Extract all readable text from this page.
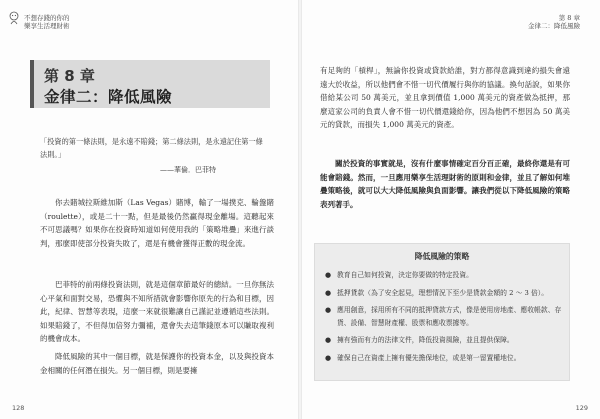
不想存錢的你的
樂享生活理財術
第 8 章
金律二：降低風險
「投資的第一條法則，是永遠不賠錢；第二條法則，是永遠記住第一條法則。」
——華倫．巴菲特

你去賭城拉斯維加斯（Las Vegas）賭博，輸了一場撲克、輪盤賭（roulette），或是二十一點，但是最後仍然贏得現金離場。這聽起來不可思議嗎？如果你在投資時知道如何使用我的「策略堆疊」來進行談判，那麼即使部分投資失敗了，還是有機會獲得正數的現金流。

巴菲特的前兩條投資法則，就是這個章節最好的總結。一旦你無法心平氣和面對交易，恐懼與不知所措就會影響你原先的行為和目標，因此，紀律、智慧等表現，這麼一來就很難讓自己謹記並遵循這些法則。如果賠錢了，不但得加倍努力彌補，還會失去這筆錢原本可以賺取複利的機會成本。

降低風險的其中一個目標，就是保護你的投資本金，以及與投資本金相關的任何潛在損失。另一個目標，則是要擁

128
第 8 章
金律二：降低風險

有足夠的「槓桿」，無論你投資或貸款給誰，對方都得意識到違約損失會遠遠大於收益，所以他們會不惜一切代價履行與你的協議。換句話說，如果你借給某公司 50 萬美元，並且拿到價值 1,000 萬美元的資產做為抵押，那麼這家公司的負責人會不惜一切代價還錢給你，因為他們不想因為 50 萬美元的貸款，而損失 1,000 萬美元的資產。

關於投資的事實就是，沒有什麼事情確定百分百正確，最終你還是有可能會賠錢。然而，一旦應用樂享生活理財術的原則和金律，並且了解如何堆疊策略後，就可以大大降低風險與負面影響。讓我們從以下降低風險的策略表列著手。

降低風險的策略
● 教育自己如何投資，決定你要做的特定投資。
● 抵押貸款（為了安全起見，理想情況下至少是貸款金額的 2 ～ 3 倍）。
● 應用創意，採用所有不同的抵押貸款方式，像是使用房地產、應收帳款、存貨、設備、智慧財產權、股票和應收票據等。
● 擁有強而有力的法律文件，降低投資風險，並且提供保障。
● 確保自己在資產上擁有優先擔保地位，或是第一留置權地位。
129
